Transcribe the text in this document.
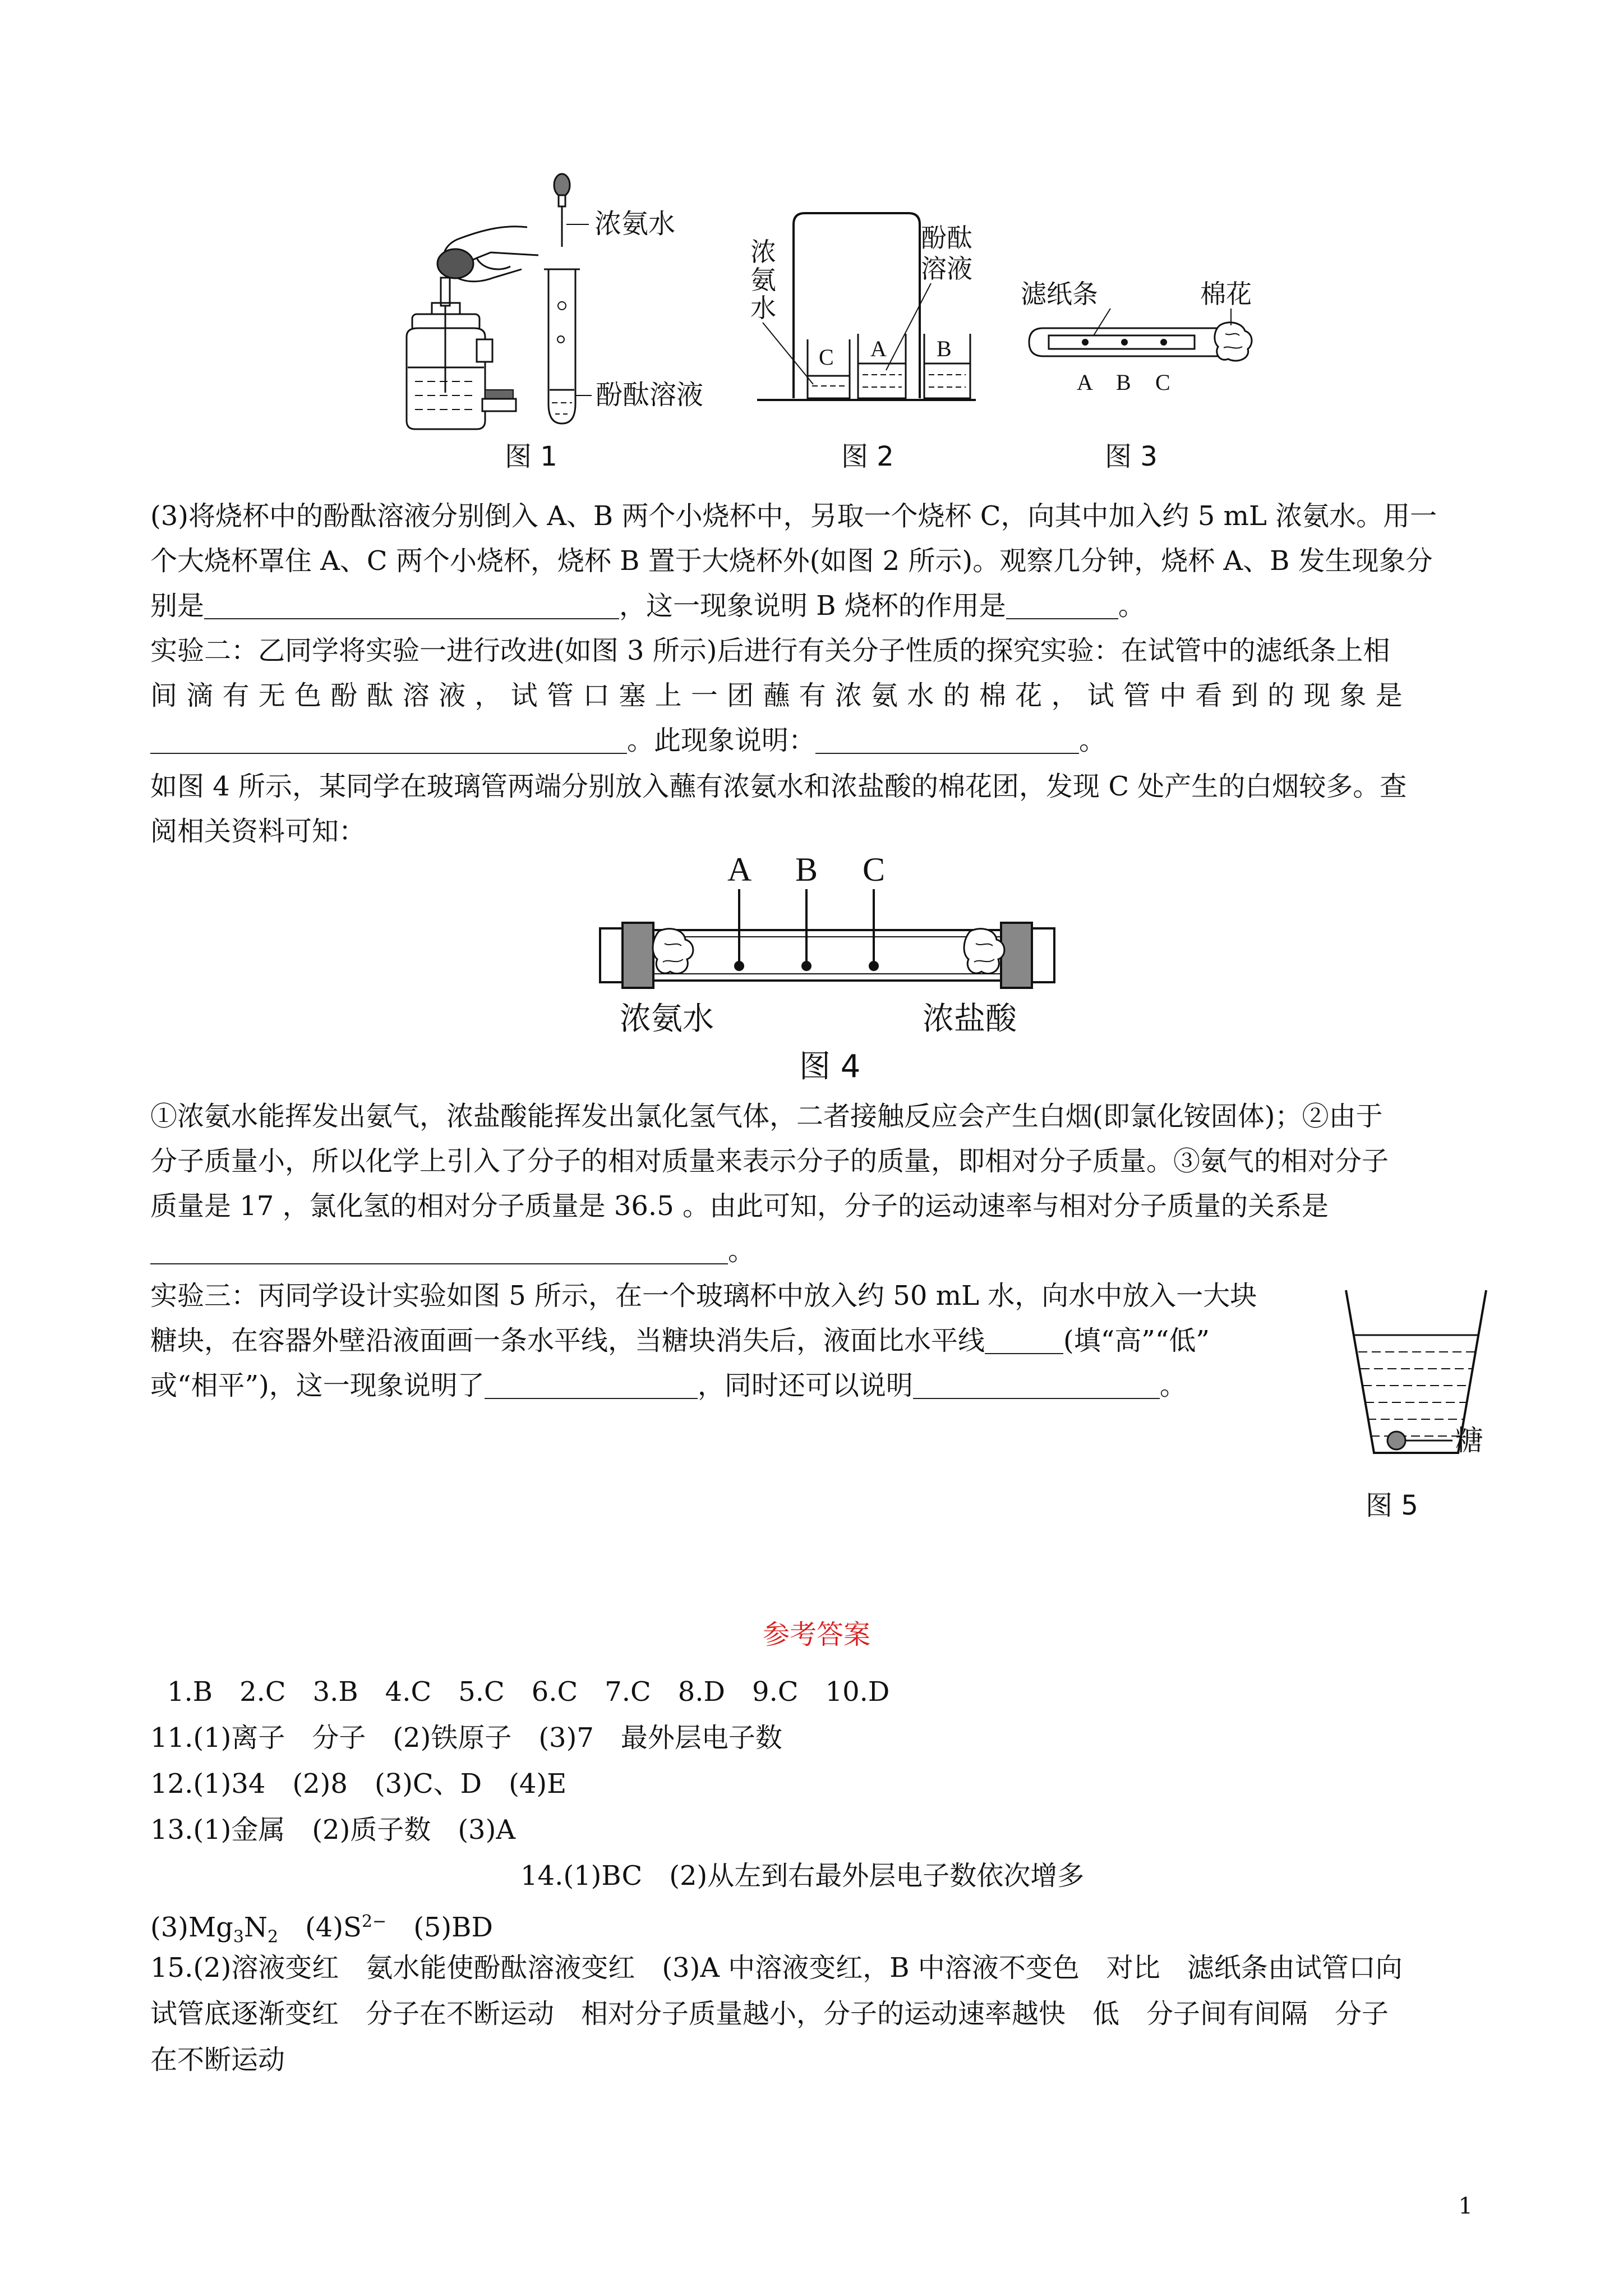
浓氨水
酚酞溶液
图 1
C A B
浓
氨
水
酚酞
溶液
图 2
滤纸条	棉花
A B C
图 3
(3)将烧杯中的酚酞溶液分别倒入 A、B 两个小烧杯中，另取一个烧杯 C，向其中加入约 5 mL 浓氨水。用一
个大烧杯罩住 A、C 两个小烧杯，烧杯 B 置于大烧杯外(如图 2 所示)。观察几分钟，烧杯 A、B 发生现象分
别是	，这一现象说明 B 烧杯的作用是	。
实验二：乙同学将实验一进行改进(如图 3 所示)后进行有关分子性质的探究实验：在试管中的滤纸条上相
间 滴 有 无 色 酚 酞 溶 液 ， 试 管 口 塞 上 一 团 蘸 有 浓 氨 水 的 棉 花 ， 试 管 中 看 到 的 现 象 是
。此现象说明：	。
如图 4 所示，某同学在玻璃管两端分别放入蘸有浓氨水和浓盐酸的棉花团，发现 C 处产生的白烟较多。查
阅相关资料可知：
A B C
浓氨水	浓盐酸
图 4
①浓氨水能挥发出氨气，浓盐酸能挥发出氯化氢气体，二者接触反应会产生白烟(即氯化铵固体)；②由于
分子质量小，所以化学上引入了分子的相对质量来表示分子的质量，即相对分子质量。③氨气的相对分子
质量是 17 ，氯化氢的相对分子质量是 36.5 。由此可知，分子的运动速率与相对分子质量的关系是
。
实验三：丙同学设计实验如图 5 所示，在一个玻璃杯中放入约 50 mL 水，向水中放入一大块
糖块，在容器外壁沿液面画一条水平线，当糖块消失后，液面比水平线	(填“高”“低”
或“相平”)，这一现象说明了	，同时还可以说明	。
糖
图 5
参考答案
1.B　2.C　3.B　4.C　5.C　6.C　7.C　8.D　9.C　10.D
11.(1)离子　分子　(2)铁原子　(3)7　最外层电子数
12.(1)34　(2)8　(3)C、D　(4)E
13.(1)金属　(2)质子数　(3)A
14.(1)BC　(2)从左到右最外层电子数依次增多
$(3)Mg_3N_2$　$(4)S^{2-}$　(5)BD
15.(2)溶液变红　氨水能使酚酞溶液变红　(3)A 中溶液变红，B 中溶液不变色　对比　滤纸条由试管口向
试管底逐渐变红　分子在不断运动　相对分子质量越小，分子的运动速率越快　低　分子间有间隔　分子
在不断运动
1
